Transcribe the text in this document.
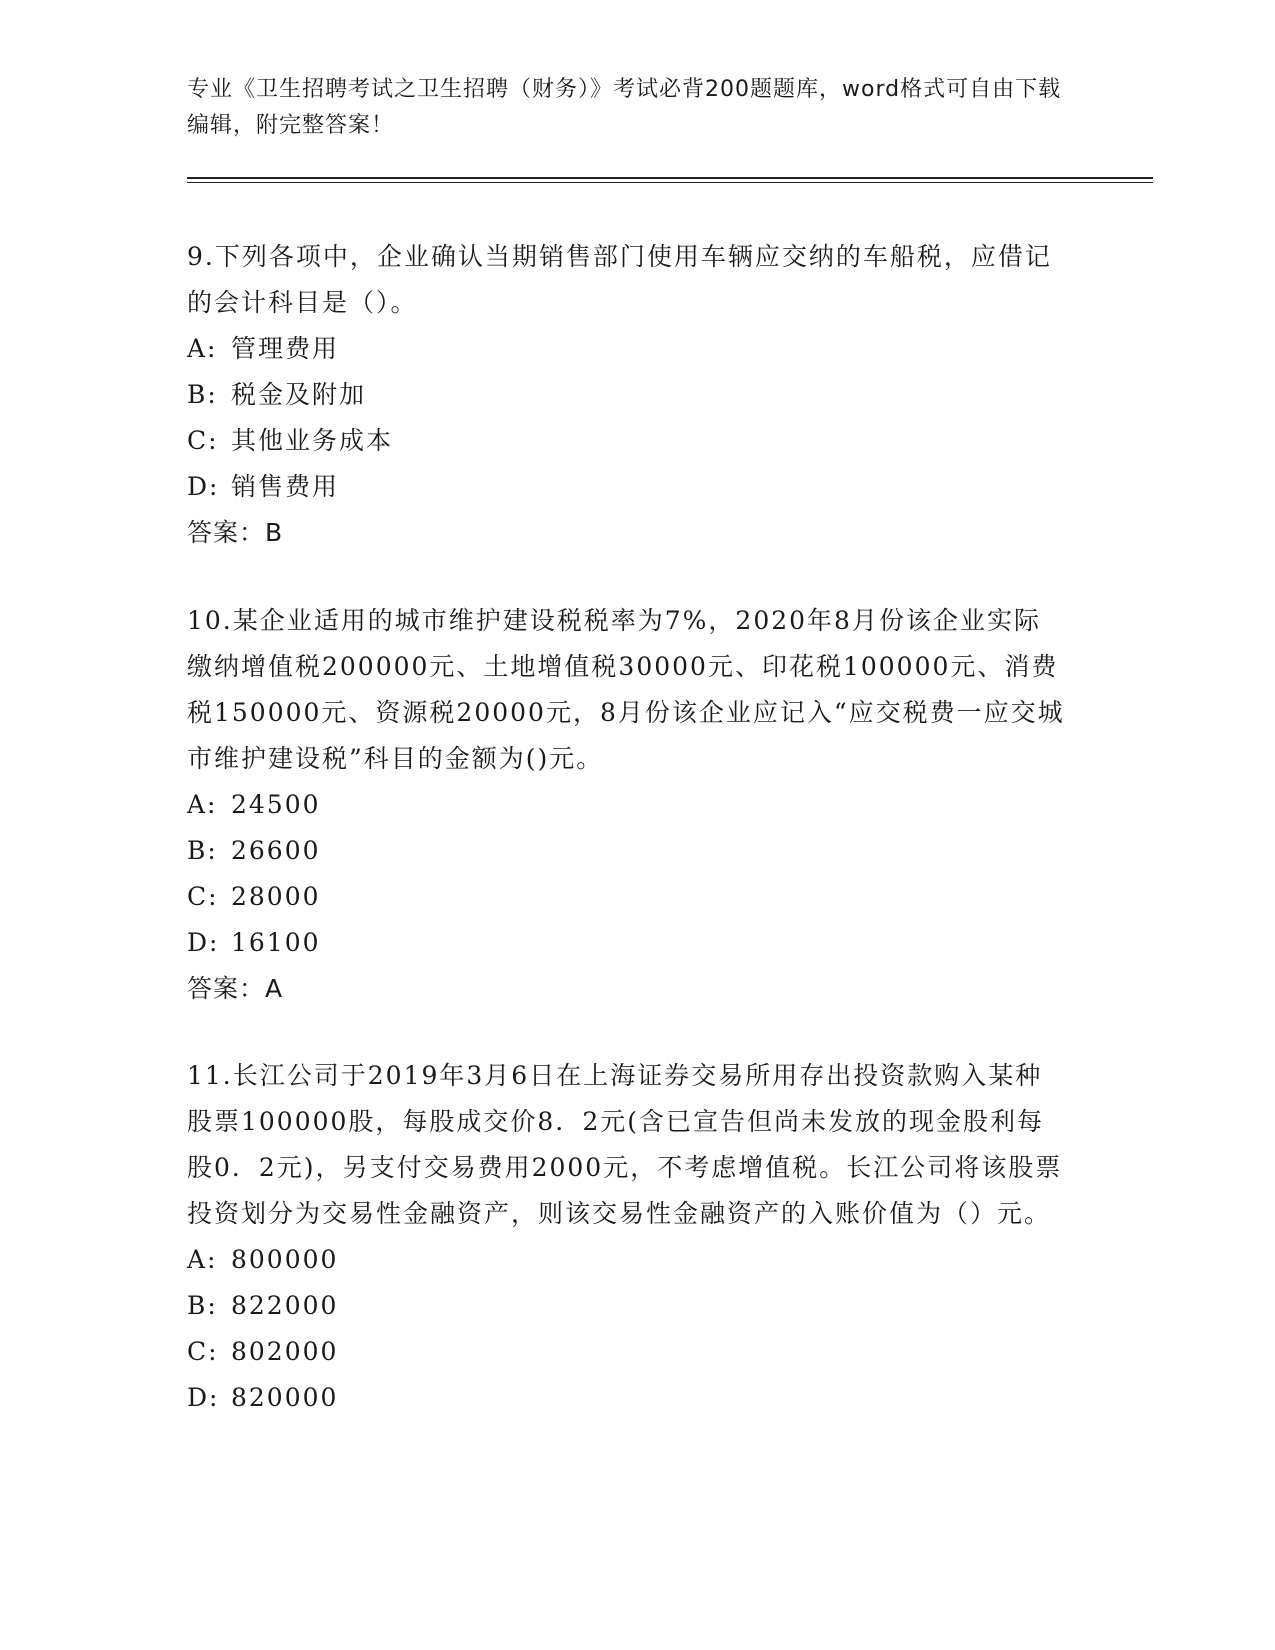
专业《卫生招聘考试之卫生招聘（财务）》考试必背200题题库，word格式可自由下载编辑，附完整答案！

9.下列各项中，企业确认当期销售部门使用车辆应交纳的车船税，应借记的会计科目是（）。

A: 管理费用

B: 税金及附加

C: 其他业务成本

D: 销售费用

答案：B

10.某企业适用的城市维护建设税税率为7%，2020年8月份该企业实际缴纳增值税200000元、土地增值税30000元、印花税100000元、消费税150000元、资源税20000元，8月份该企业应记入“应交税费一应交城市维护建设税”科目的金额为()元。

A: 24500

B: 26600

C: 28000

D: 16100

答案：A

11.长江公司于2019年3月6日在上海证券交易所用存出投资款购入某种股票100000股，每股成交价8．2元(含已宣告但尚未发放的现金股利每股0．2元)，另支付交易费用2000元，不考虑增值税。长江公司将该股票投资划分为交易性金融资产，则该交易性金融资产的入账价值为（）元。

A: 800000

B: 822000

C: 802000

D: 820000
